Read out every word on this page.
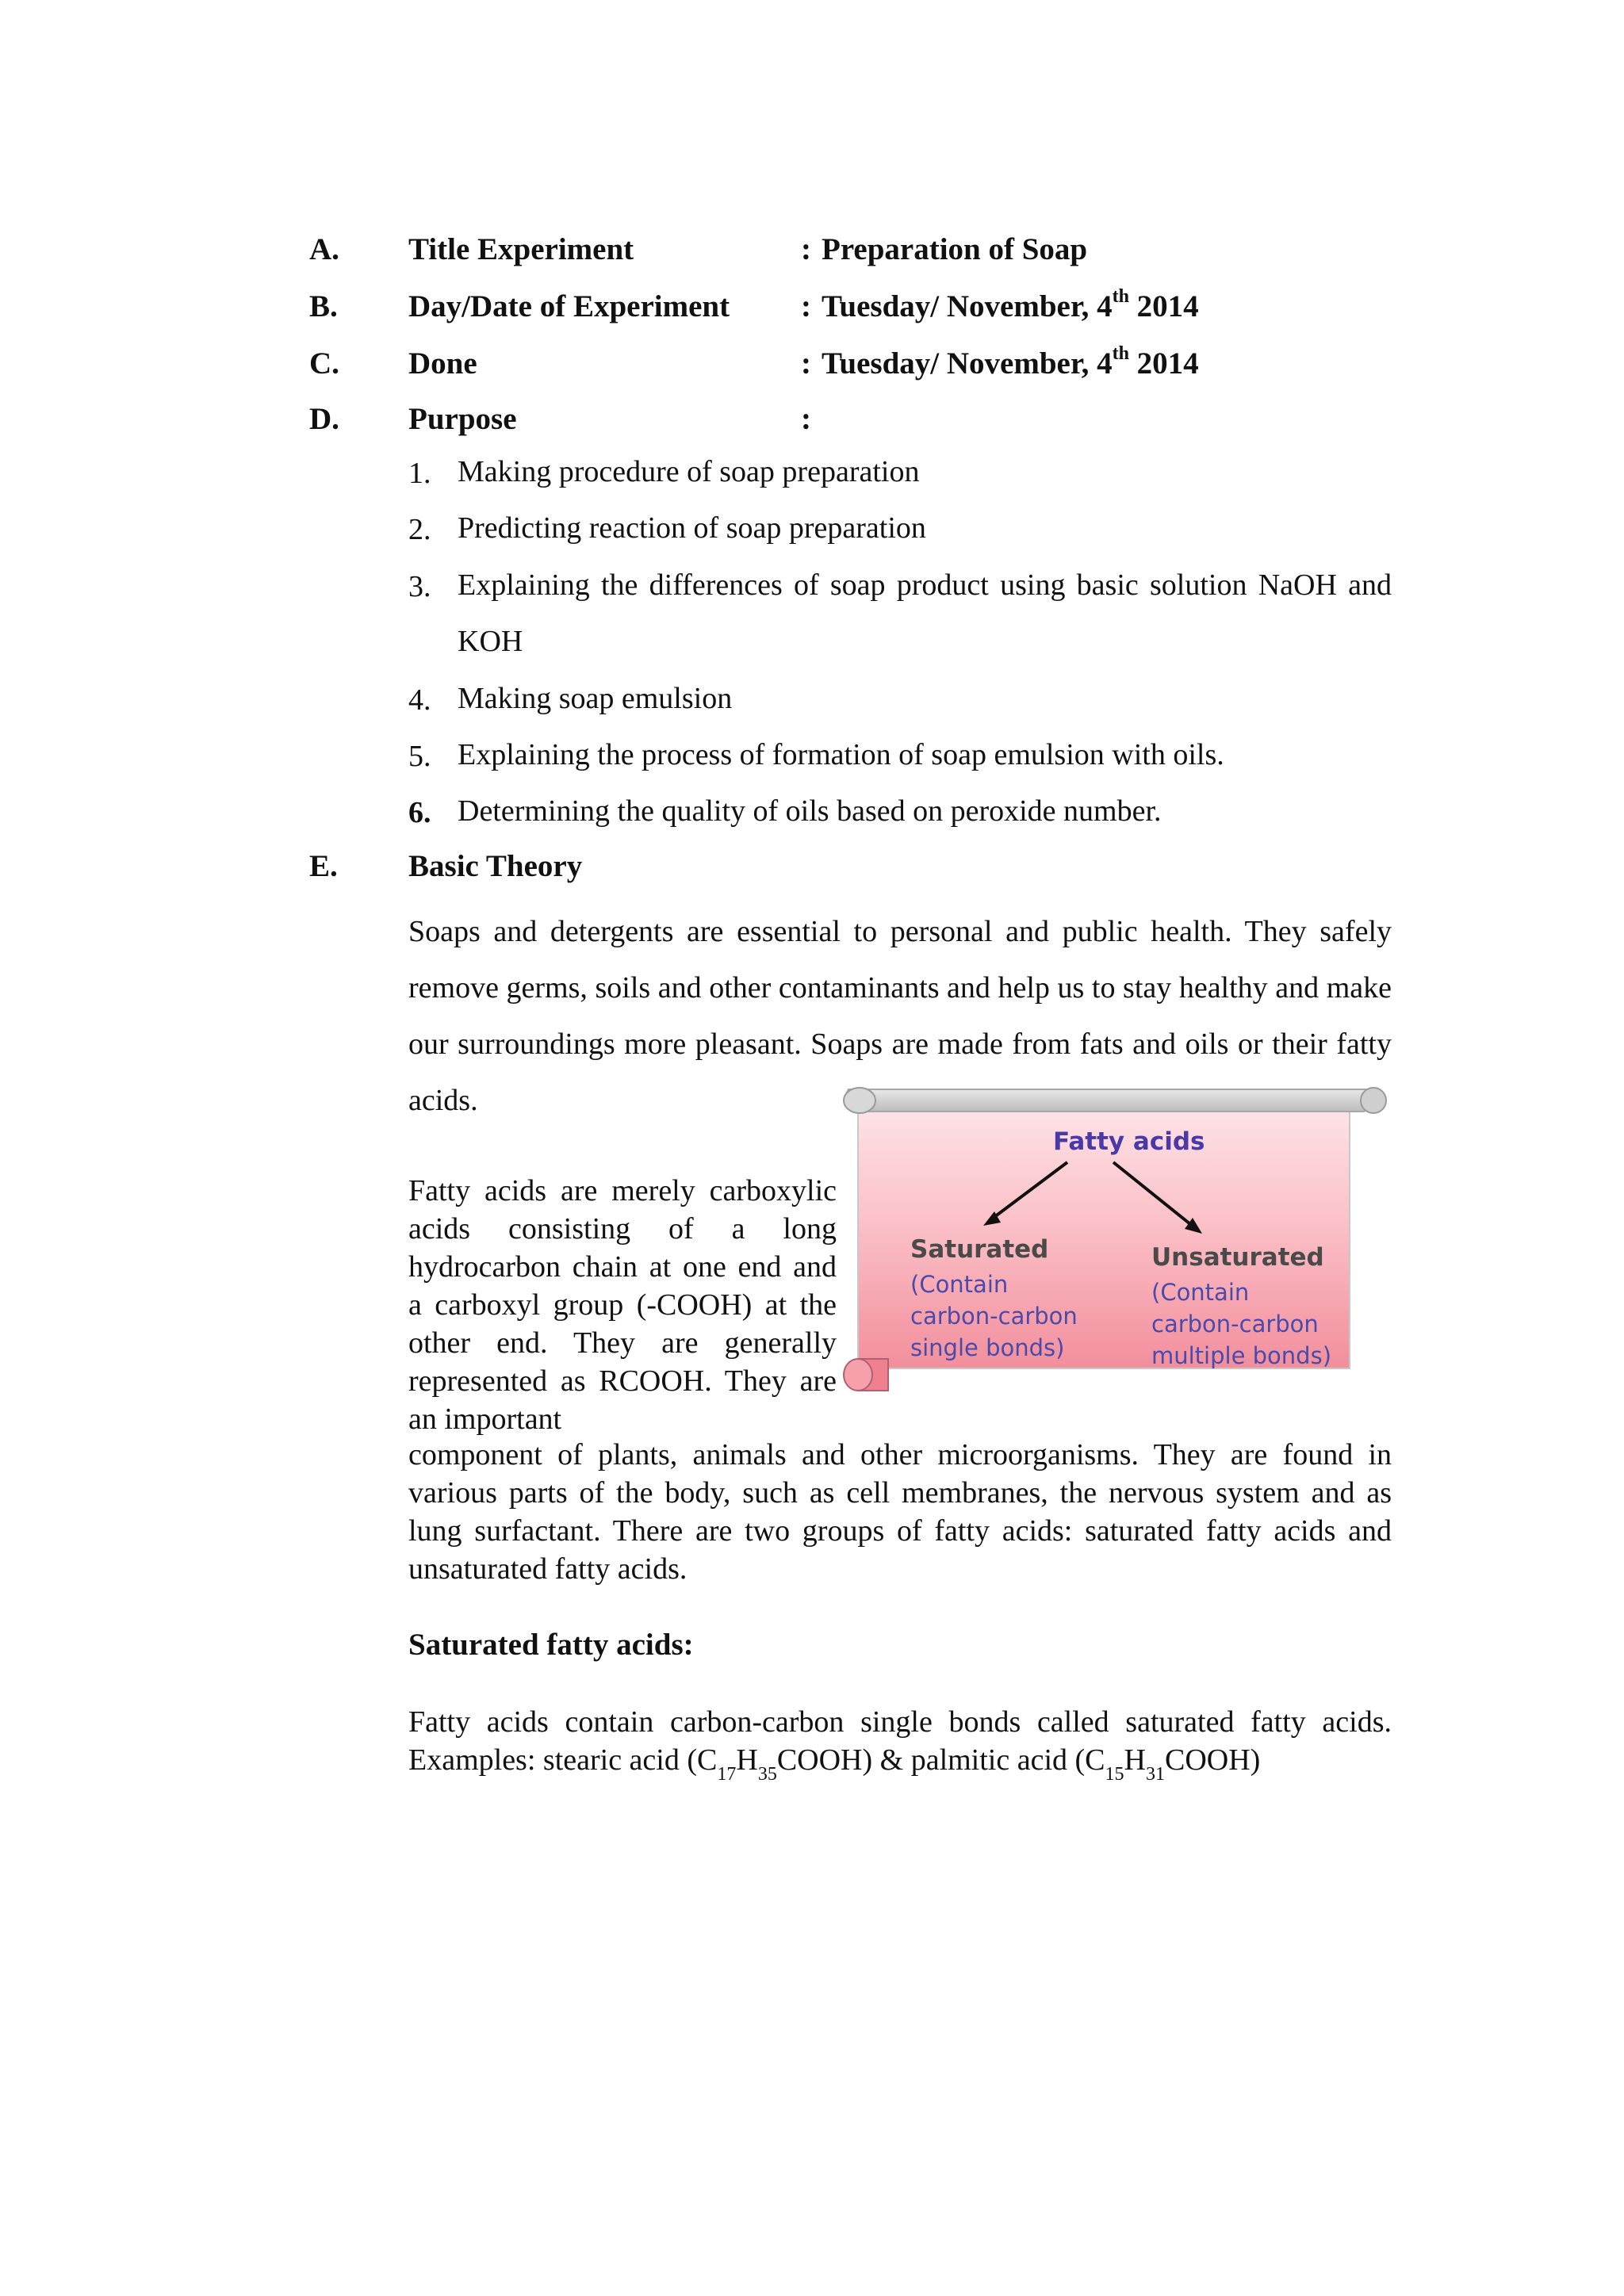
A. Title Experiment	: Preparation of Soap
B. Day/Date of Experiment : Tuesday/ November, 4th 2014
C. Done	: Tuesday/ November, 4th 2014
D. Purpose	:
1. Making procedure of soap preparation
2. Predicting reaction of soap preparation
3. Explaining the differences of soap product using basic solution NaOH and KOH
4. Making soap emulsion
5. Explaining the process of formation of soap emulsion with oils.
6. Determining the quality of oils based on peroxide number.
E. Basic Theory
Soaps and detergents are essential to personal and public health. They safely remove germs, soils and other contaminants and help us to stay healthy and make our surroundings more pleasant. Soaps are made from fats and oils or their fatty acids.
Fatty acids are merely carboxylic acids consisting of a long hydrocarbon chain at one end and a carboxyl group (-COOH) at the other end. They are generally represented as RCOOH. They are an important
Fatty acids
Saturated
(Contain
carbon-carbon
single bonds)
Unsaturated
(Contain
carbon-carbon
multiple bonds)
component of plants, animals and other microorganisms. They are found in various parts of the body, such as cell membranes, the nervous system and as lung surfactant. There are two groups of fatty acids: saturated fatty acids and unsaturated fatty acids.
Saturated fatty acids:
Fatty acids contain carbon-carbon single bonds called saturated fatty acids.
Examples: stearic acid $(C_{17}H_{35}COOH)$ & palmitic acid $(C_{15}H_{31}COOH)$
